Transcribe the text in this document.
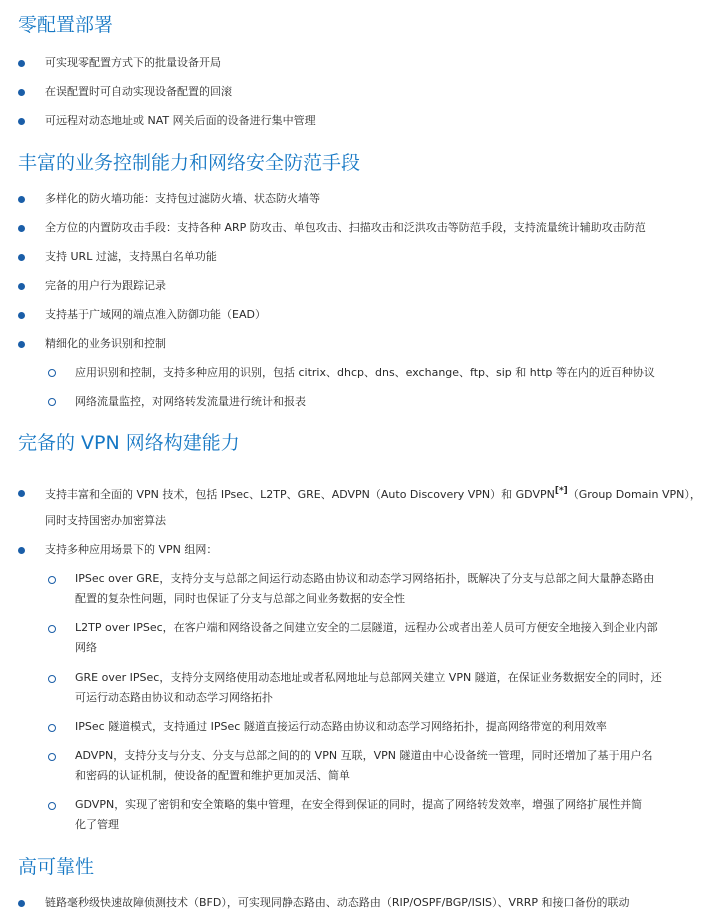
零配置部署
可实现零配置方式下的批量设备开局
在误配置时可自动实现设备配置的回滚
可远程对动态地址或 NAT 网关后面的设备进行集中管理
丰富的业务控制能力和网络安全防范手段
多样化的防火墙功能：支持包过滤防火墙、状态防火墙等
全方位的内置防攻击手段：支持各种 ARP 防攻击、单包攻击、扫描攻击和泛洪攻击等防范手段，支持流量统计辅助攻击防范
支持 URL 过滤，支持黑白名单功能
完备的用户行为跟踪记录
支持基于广域网的端点准入防御功能（EAD）
精细化的业务识别和控制
应用识别和控制，支持多种应用的识别，包括 citrix、dhcp、dns、exchange、ftp、sip 和 http 等在内的近百种协议
网络流量监控，对网络转发流量进行统计和报表
完备的 VPN 网络构建能力
支持丰富和全面的 VPN 技术，包括 IPsec、L2TP、GRE、ADVPN（Auto Discovery VPN）和 GDVPN[*]（Group Domain VPN），
同时支持国密办加密算法
支持多种应用场景下的 VPN 组网：
IPSec over GRE，支持分支与总部之间运行动态路由协议和动态学习网络拓扑，既解决了分支与总部之间大量静态路由
配置的复杂性问题，同时也保证了分支与总部之间业务数据的安全性
L2TP over IPSec，在客户端和网络设备之间建立安全的二层隧道，远程办公或者出差人员可方便安全地接入到企业内部
网络
GRE over IPSec，支持分支网络使用动态地址或者私网地址与总部网关建立 VPN 隧道，在保证业务数据安全的同时，还
可运行动态路由协议和动态学习网络拓扑
IPSec 隧道模式，支持通过 IPSec 隧道直接运行动态路由协议和动态学习网络拓扑，提高网络带宽的利用效率
ADVPN，支持分支与分支、分支与总部之间的的 VPN 互联，VPN 隧道由中心设备统一管理，同时还增加了基于用户名
和密码的认证机制，使设备的配置和维护更加灵活、简单
GDVPN，实现了密钥和安全策略的集中管理，在安全得到保证的同时，提高了网络转发效率，增强了网络扩展性并简
化了管理
高可靠性
链路毫秒级快速故障侦测技术（BFD），可实现同静态路由、动态路由（RIP/OSPF/BGP/ISIS）、VRRP 和接口备份的联动
